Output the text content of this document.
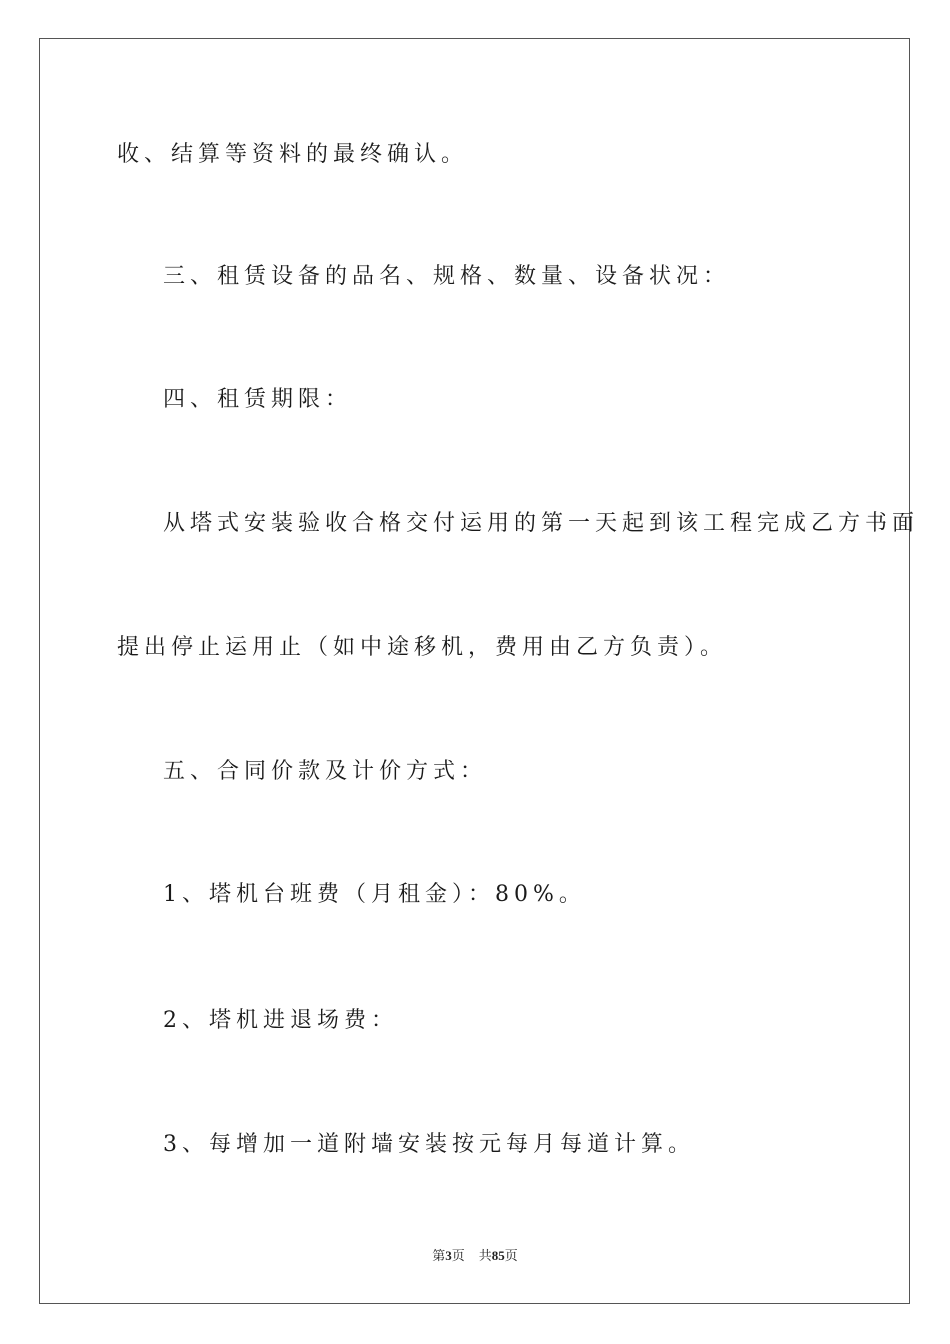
收、结算等资料的最终确认。
三、租赁设备的品名、规格、数量、设备状况：
四、租赁期限：
从塔式安装验收合格交付运用的第一天起到该工程完成乙方书面
提出停止运用止（如中途移机，费用由乙方负责）。
五、合同价款及计价方式：
1、塔机台班费（月租金）：80%。
2、塔机进退场费：
3、每增加一道附墙安装按元每月每道计算。
第3页 共85页
